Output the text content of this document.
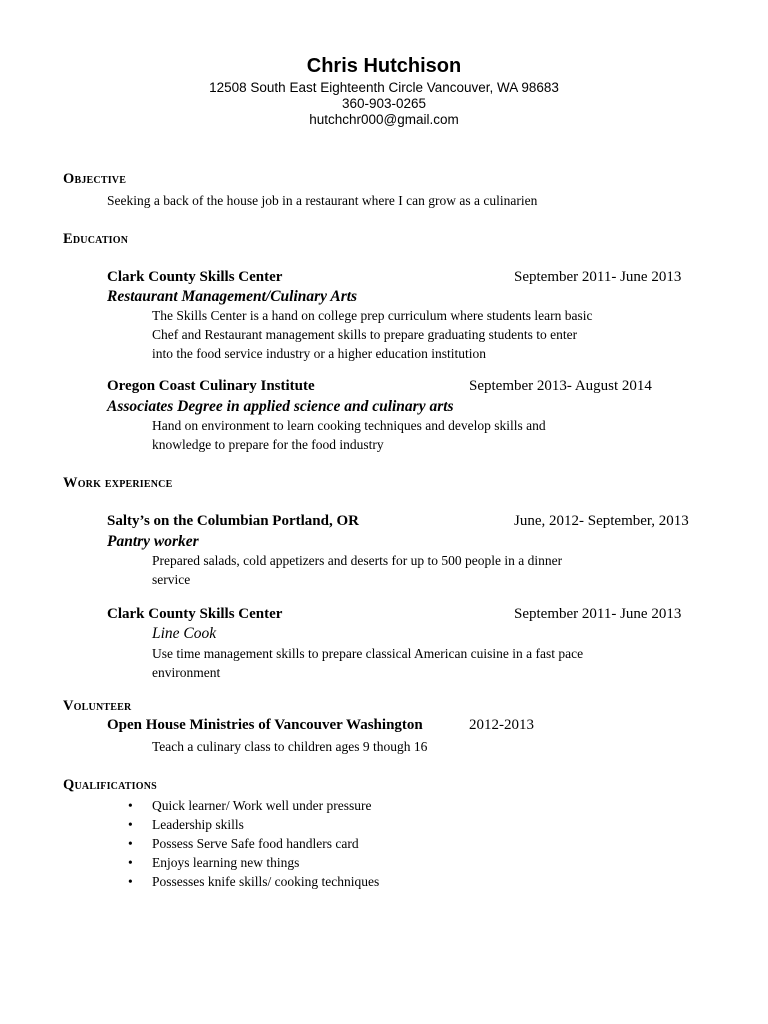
Chris Hutchison
12508 South East Eighteenth Circle Vancouver, WA 98683
360-903-0265
hutchchr000@gmail.com
Objective
Seeking a back of the house job in a restaurant where I can grow as a culinarien
Education
Clark County Skills Center	September 2011- June 2013
Restaurant Management/Culinary Arts
The Skills Center is a hand on college prep curriculum where students learn basic
Chef and Restaurant management skills to prepare graduating students to enter
into the food service industry or a higher education institution
Oregon Coast Culinary Institute	September 2013- August 2014
Associates Degree in applied science and culinary arts
Hand on environment to learn cooking techniques and develop skills and
knowledge to prepare for the food industry
Work experience
Salty’s on the Columbian Portland, OR	June, 2012- September, 2013
Pantry worker
Prepared salads, cold appetizers and deserts for up to 500 people in a dinner
service
Clark County Skills Center	September 2011- June 2013
Line Cook
Use time management skills to prepare classical American cuisine in a fast pace
environment
Volunteer
Open House Ministries of Vancouver Washington	2012-2013
Teach a culinary class to children ages 9 though 16
Qualifications
• Quick learner/ Work well under pressure
• Leadership skills
• Possess Serve Safe food handlers card
• Enjoys learning new things
• Possesses knife skills/ cooking techniques
